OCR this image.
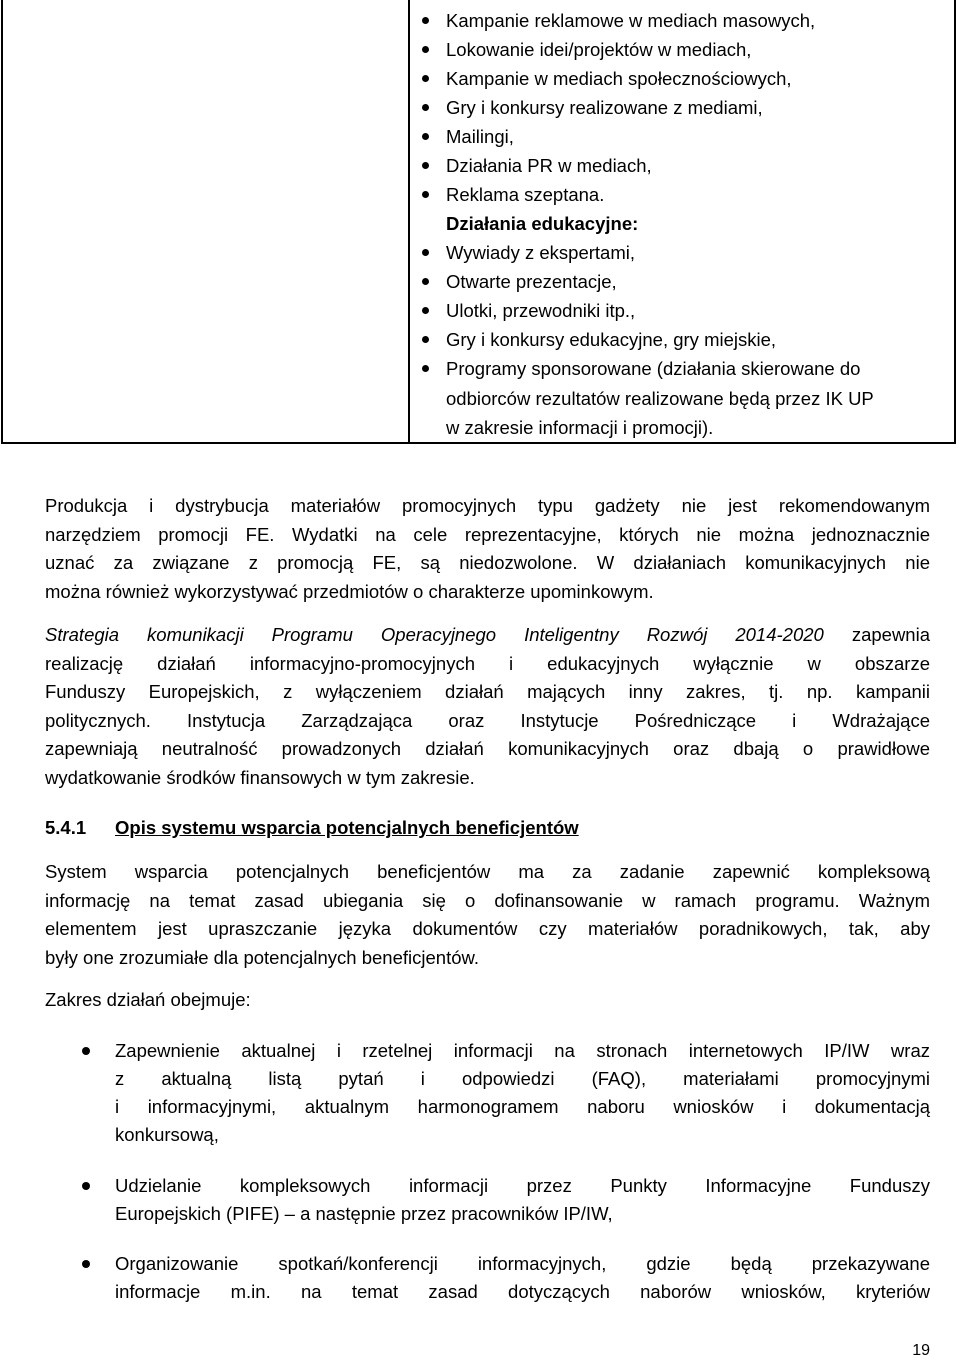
Kampanie reklamowe w mediach masowych,
Lokowanie idei/projektów w mediach,
Kampanie w mediach społecznościowych,
Gry i konkursy realizowane z mediami,
Mailingi,
Działania PR w mediach,
Reklama szeptana.
Działania edukacyjne:
Wywiady z ekspertami,
Otwarte prezentacje,
Ulotki, przewodniki itp.,
Gry i konkursy edukacyjne, gry miejskie,
Programy sponsorowane (działania skierowane do
odbiorców rezultatów realizowane będą przez IK UP
w zakresie informacji i promocji).
Produkcja i dystrybucja materiałów promocyjnych typu gadżety nie jest rekomendowanym
narzędziem promocji FE. Wydatki na cele reprezentacyjne, których nie można jednoznacznie
uznać za związane z promocją FE, są niedozwolone. W działaniach komunikacyjnych nie
można również wykorzystywać przedmiotów o charakterze upominkowym.
Strategia komunikacji Programu Operacyjnego Inteligentny Rozwój 2014-2020 zapewnia
realizację działań informacyjno-promocyjnych i edukacyjnych wyłącznie w obszarze
Funduszy Europejskich, z wyłączeniem działań mających inny zakres, tj. np. kampanii
politycznych. Instytucja Zarządzająca oraz Instytucje Pośredniczące i Wdrażające
zapewniają neutralność prowadzonych działań komunikacyjnych oraz dbają o prawidłowe
wydatkowanie środków finansowych w tym zakresie.
5.4.1 Opis systemu wsparcia potencjalnych beneficjentów
System wsparcia potencjalnych beneficjentów ma za zadanie zapewnić kompleksową
informację na temat zasad ubiegania się o dofinansowanie w ramach programu. Ważnym
elementem jest upraszczanie języka dokumentów czy materiałów poradnikowych, tak, aby
były one zrozumiałe dla potencjalnych beneficjentów.
Zakres działań obejmuje:
Zapewnienie aktualnej i rzetelnej informacji na stronach internetowych IP/IW wraz
z aktualną listą pytań i odpowiedzi (FAQ), materiałami promocyjnymi
i informacyjnymi, aktualnym harmonogramem naboru wniosków i dokumentacją
konkursową,
Udzielanie kompleksowych informacji przez Punkty Informacyjne Funduszy
Europejskich (PIFE) – a następnie przez pracowników IP/IW,
Organizowanie spotkań/konferencji informacyjnych, gdzie będą przekazywane
informacje m.in. na temat zasad dotyczących naborów wniosków, kryteriów
19
